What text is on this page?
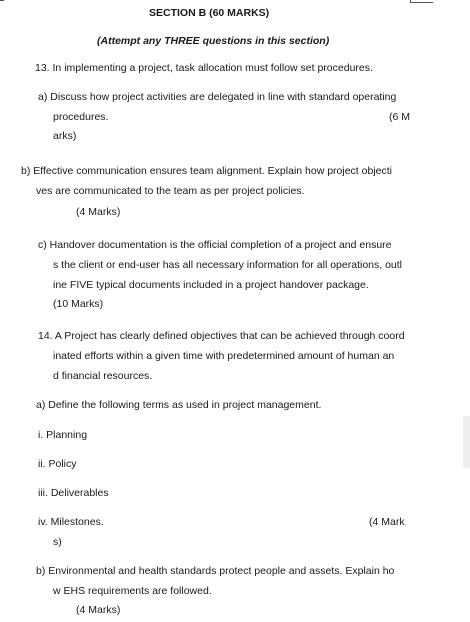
SECTION B (60 MARKS)
(Attempt any THREE questions in this section)
13. In implementing a project, task allocation must follow set procedures.
a) Discuss how project activities are delegated in line with standard operating
procedures.	(6 M
arks)
b) Effective communication ensures team alignment. Explain how project objecti
ves are communicated to the team as per project policies.
(4 Marks)
c) Handover documentation is the official completion of a project and ensure
s the client or end-user has all necessary information for all operations, outl
ine FIVE typical documents included in a project handover package.
(10 Marks)
14. A Project has clearly defined objectives that can be achieved through coord
inated efforts within a given time with predetermined amount of human an
d financial resources.
a) Define the following terms as used in project management.
i. Planning
ii. Policy
iii. Deliverables
iv. Milestones.	(4 Mark
s)
b) Environmental and health standards protect people and assets. Explain ho
w EHS requirements are followed.
(4 Marks)
